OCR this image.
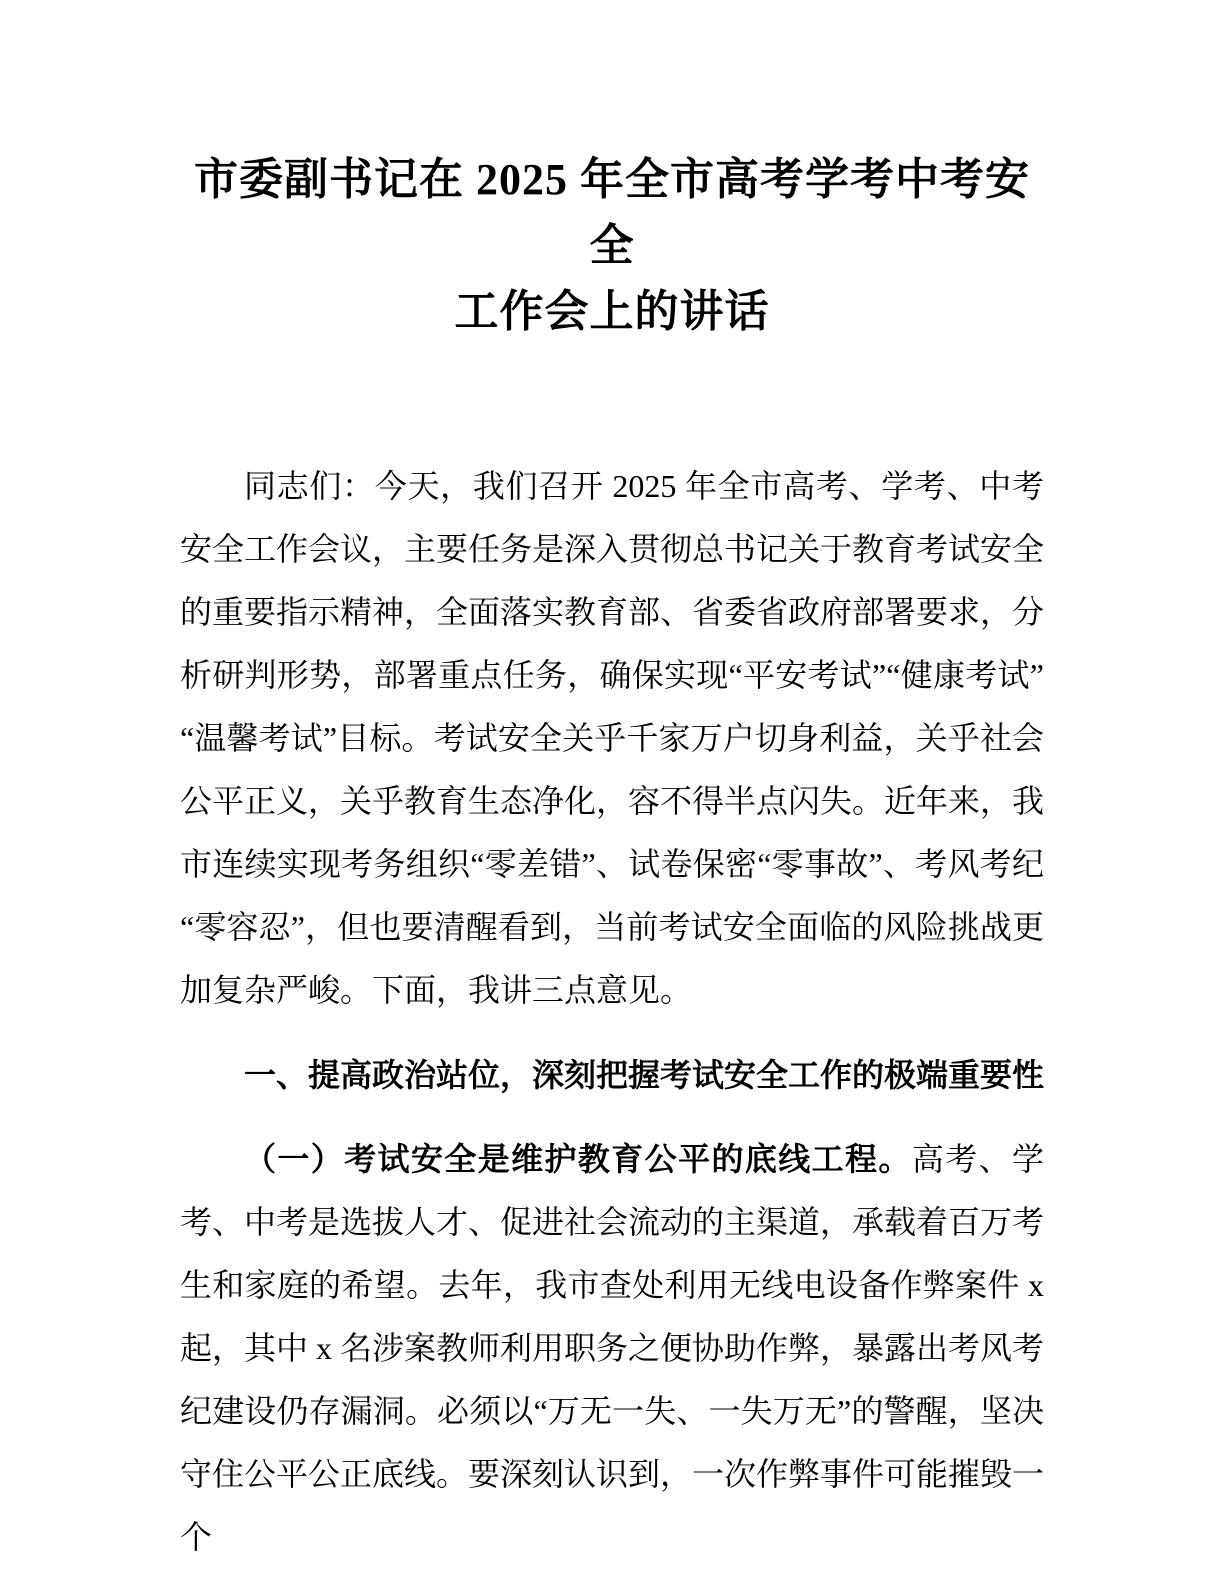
市委副书记在 2025 年全市高考学考中考安全
工作会上的讲话

同志们：今天，我们召开 2025 年全市高考、学考、中考安全工作会议，主要任务是深入贯彻总书记关于教育考试安全的重要指示精神，全面落实教育部、省委省政府部署要求，分析研判形势，部署重点任务，确保实现“平安考试”“健康考试”“温馨考试”目标。考试安全关乎千家万户切身利益，关乎社会公平正义，关乎教育生态净化，容不得半点闪失。近年来，我市连续实现考务组织“零差错”、试卷保密“零事故”、考风考纪“零容忍”，但也要清醒看到，当前考试安全面临的风险挑战更加复杂严峻。下面，我讲三点意见。

一、提高政治站位，深刻把握考试安全工作的极端重要性

（一）考试安全是维护教育公平的底线工程。高考、学考、中考是选拔人才、促进社会流动的主渠道，承载着百万考生和家庭的希望。去年，我市查处利用无线电设备作弊案件 x 起，其中 x 名涉案教师利用职务之便协助作弊，暴露出考风考纪建设仍存漏洞。必须以“万无一失、一失万无”的警醒，坚决守住公平公正底线。要深刻认识到，一次作弊事件可能摧毁一个
